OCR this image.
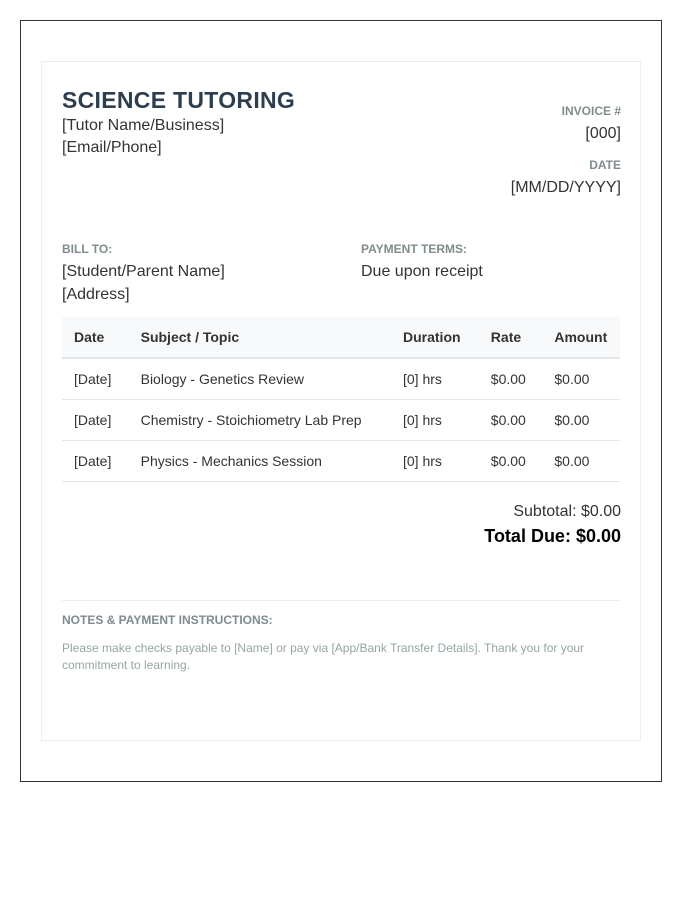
SCIENCE TUTORING
[Tutor Name/Business]
[Email/Phone]
INVOICE #
[000]
DATE
[MM/DD/YYYY]
BILL TO:
[Student/Parent Name]
[Address]
PAYMENT TERMS:
Due upon receipt
Date	Subject / Topic	Duration	Rate	Amount
[Date]	Biology - Genetics Review	[0] hrs	$0.00	$0.00
[Date]	Chemistry - Stoichiometry Lab Prep	[0] hrs	$0.00	$0.00
[Date]	Physics - Mechanics Session	[0] hrs	$0.00	$0.00
Subtotal: $0.00
Total Due: $0.00
NOTES & PAYMENT INSTRUCTIONS:
Please make checks payable to [Name] or pay via [App/Bank Transfer Details]. Thank you for your commitment to learning.
